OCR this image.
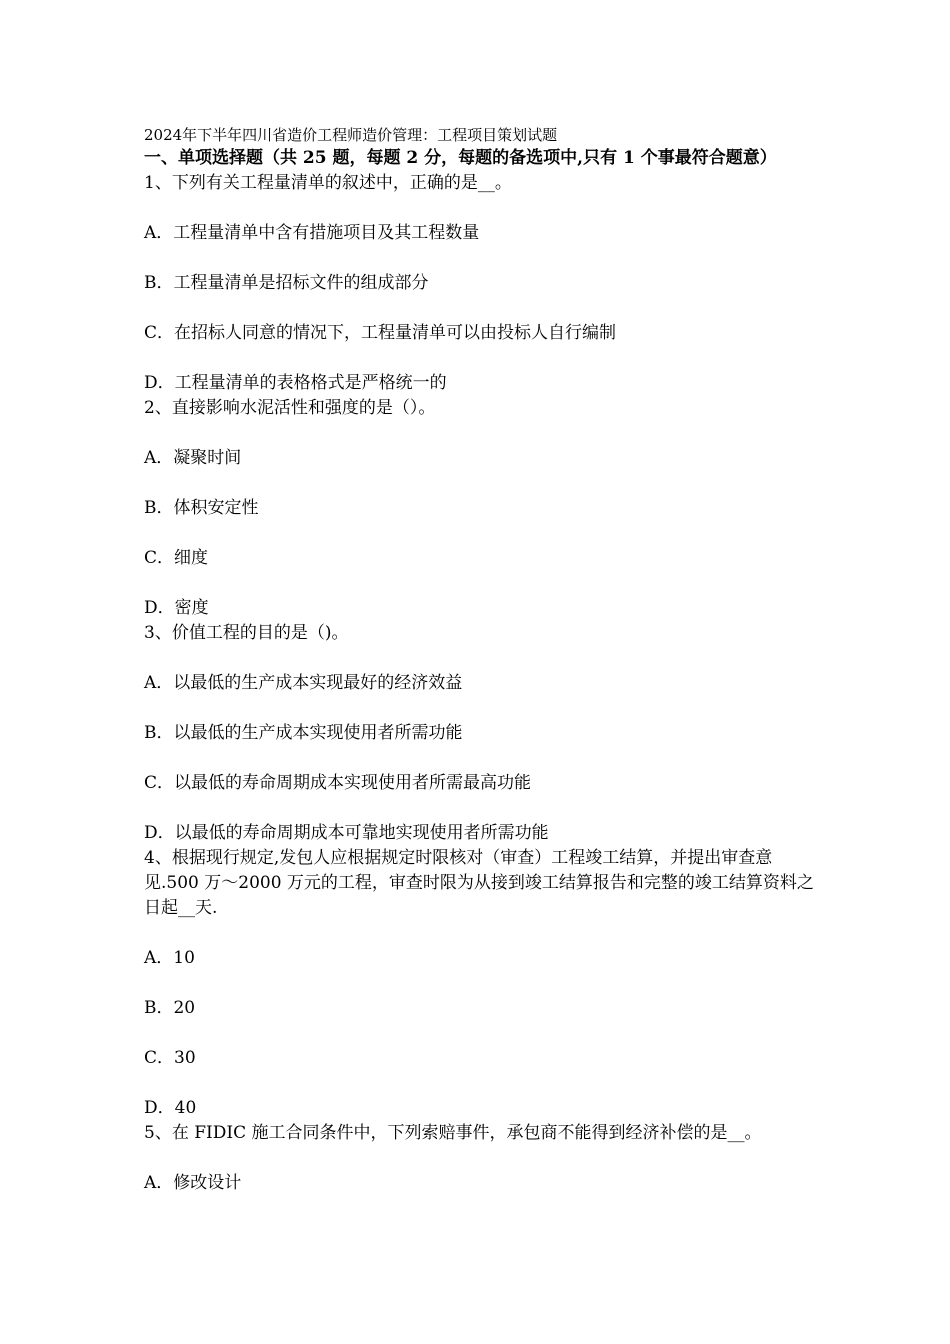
2024年下半年四川省造价工程师造价管理：工程项目策划试题

一、单项选择题（共 25 题，每题 2 分，每题的备选项中,只有 1 个事最符合题意）

1、下列有关工程量清单的叙述中，正确的是__。

A．工程量清单中含有措施项目及其工程数量

B．工程量清单是招标文件的组成部分

C．在招标人同意的情况下，工程量清单可以由投标人自行编制

D．工程量清单的表格格式是严格统一的

2、直接影响水泥活性和强度的是（）。

A．凝聚时间

B．体积安定性

C．细度

D．密度

3、价值工程的目的是（)。

A．以最低的生产成本实现最好的经济效益

B．以最低的生产成本实现使用者所需功能

C．以最低的寿命周期成本实现使用者所需最高功能

D．以最低的寿命周期成本可靠地实现使用者所需功能

4、根据现行规定,发包人应根据规定时限核对（审查）工程竣工结算，并提出审查意见.500 万～2000 万元的工程，审查时限为从接到竣工结算报告和完整的竣工结算资料之日起__天.

A．10

B．20

C．30

D．40

5、在 FIDIC 施工合同条件中，下列索赔事件，承包商不能得到经济补偿的是__。

A．修改设计
